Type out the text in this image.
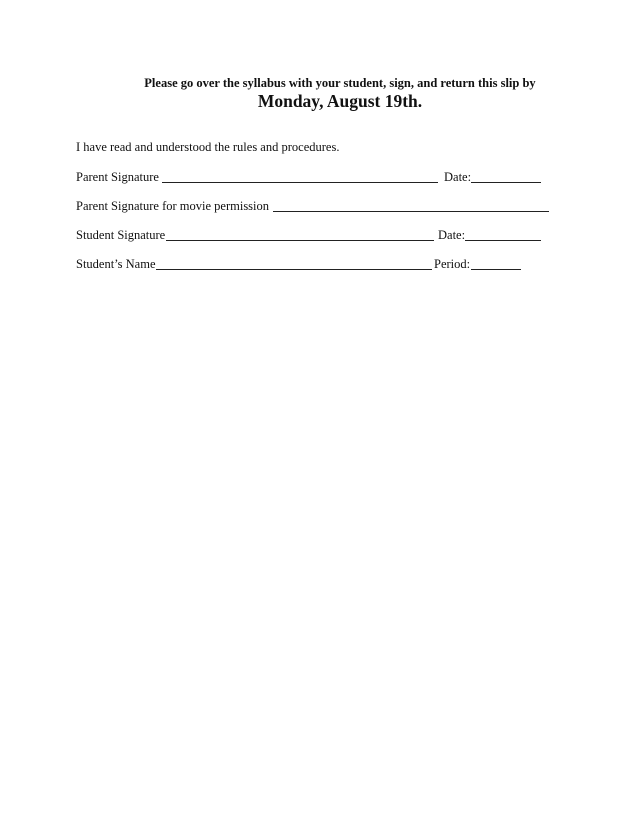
Please go over the syllabus with your student, sign, and return this slip by
Monday, August 19th.
I have read and understood the rules and procedures.
Parent Signature	Date:
Parent Signature for movie permission
Student Signature	Date:
Student’s Name	Period:
